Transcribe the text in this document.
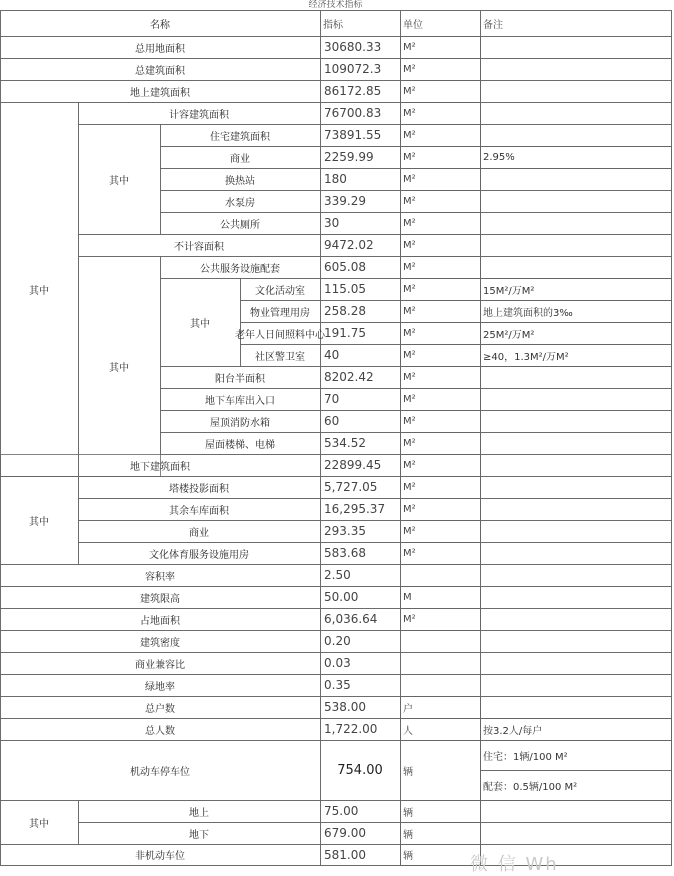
经济技术指标
名称	指标	单位	备注
总用地面积	30680.33	M²
总建筑面积	109072.3	M²
地上建筑面积	86172.85	M²
其中
计容建筑面积	76700.83	M²
其中
住宅建筑面积	73891.55	M²
商业	2259.99	M²	2.95%
换热站	180	M²
水泵房	339.29	M²
公共厕所	30	M²
不计容面积	9472.02	M²
其中
公共服务设施配套	605.08	M²
其中
文化活动室	115.05	M²	15M²/万M²
物业管理用房	258.28	M²	地上建筑面积的3‰
老年人日间照料中心 191.75	M²	25M²/万M²
社区警卫室	40	M²	≥40，1.3M²/万M²
阳台半面积	8202.42	M²
地下车库出入口	70	M²
屋顶消防水箱	60	M²
屋面楼梯、电梯	534.52	M²
地下建筑面积	22899.45	M²
其中
塔楼投影面积	5,727.05	M²
其余车库面积	16,295.37	M²
商业	293.35	M²
文化体育服务设施用房	583.68	M²
容积率	2.50
建筑限高	50.00	M
占地面积	6,036.64	M²
建筑密度	0.20
商业兼容比	0.03
绿地率	0.35
总户数	538.00	户
总人数	1,722.00	人	按3.2人/每户
机动车停车位	754.00	辆
住宅：1辆/100 M²
配套：0.5辆/100 M²
其中
地上	75.00	辆
地下	679.00	辆
非机动车位	581.00	辆	微 信 Wh
